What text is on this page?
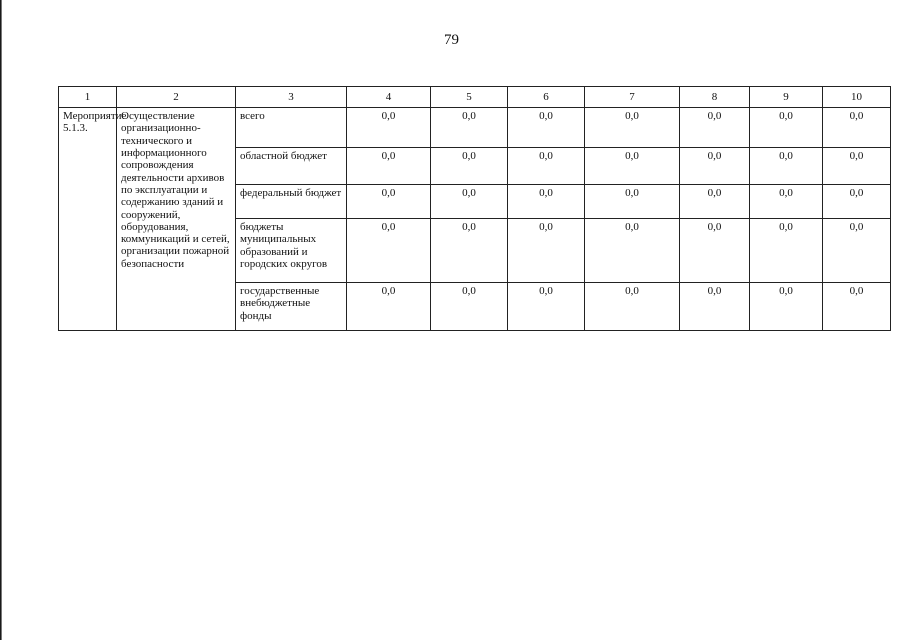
79
1	2	3	4	5	6	7	8	9	10
Мероприятие 5.1.3.	Осуществление организационно-технического и информационного сопровождения деятельности архивов по эксплуатации и содержанию зданий и сооружений, оборудования, коммуникаций и сетей, организации пожарной безопасности	всего	0,0	0,0	0,0	0,0	0,0	0,0	0,0
		областной бюджет	0,0	0,0	0,0	0,0	0,0	0,0	0,0
		федеральный бюджет	0,0	0,0	0,0	0,0	0,0	0,0	0,0
		бюджеты муниципальных образований и городских округов	0,0	0,0	0,0	0,0	0,0	0,0	0,0
		государственные внебюджетные фонды	0,0	0,0	0,0	0,0	0,0	0,0	0,0
